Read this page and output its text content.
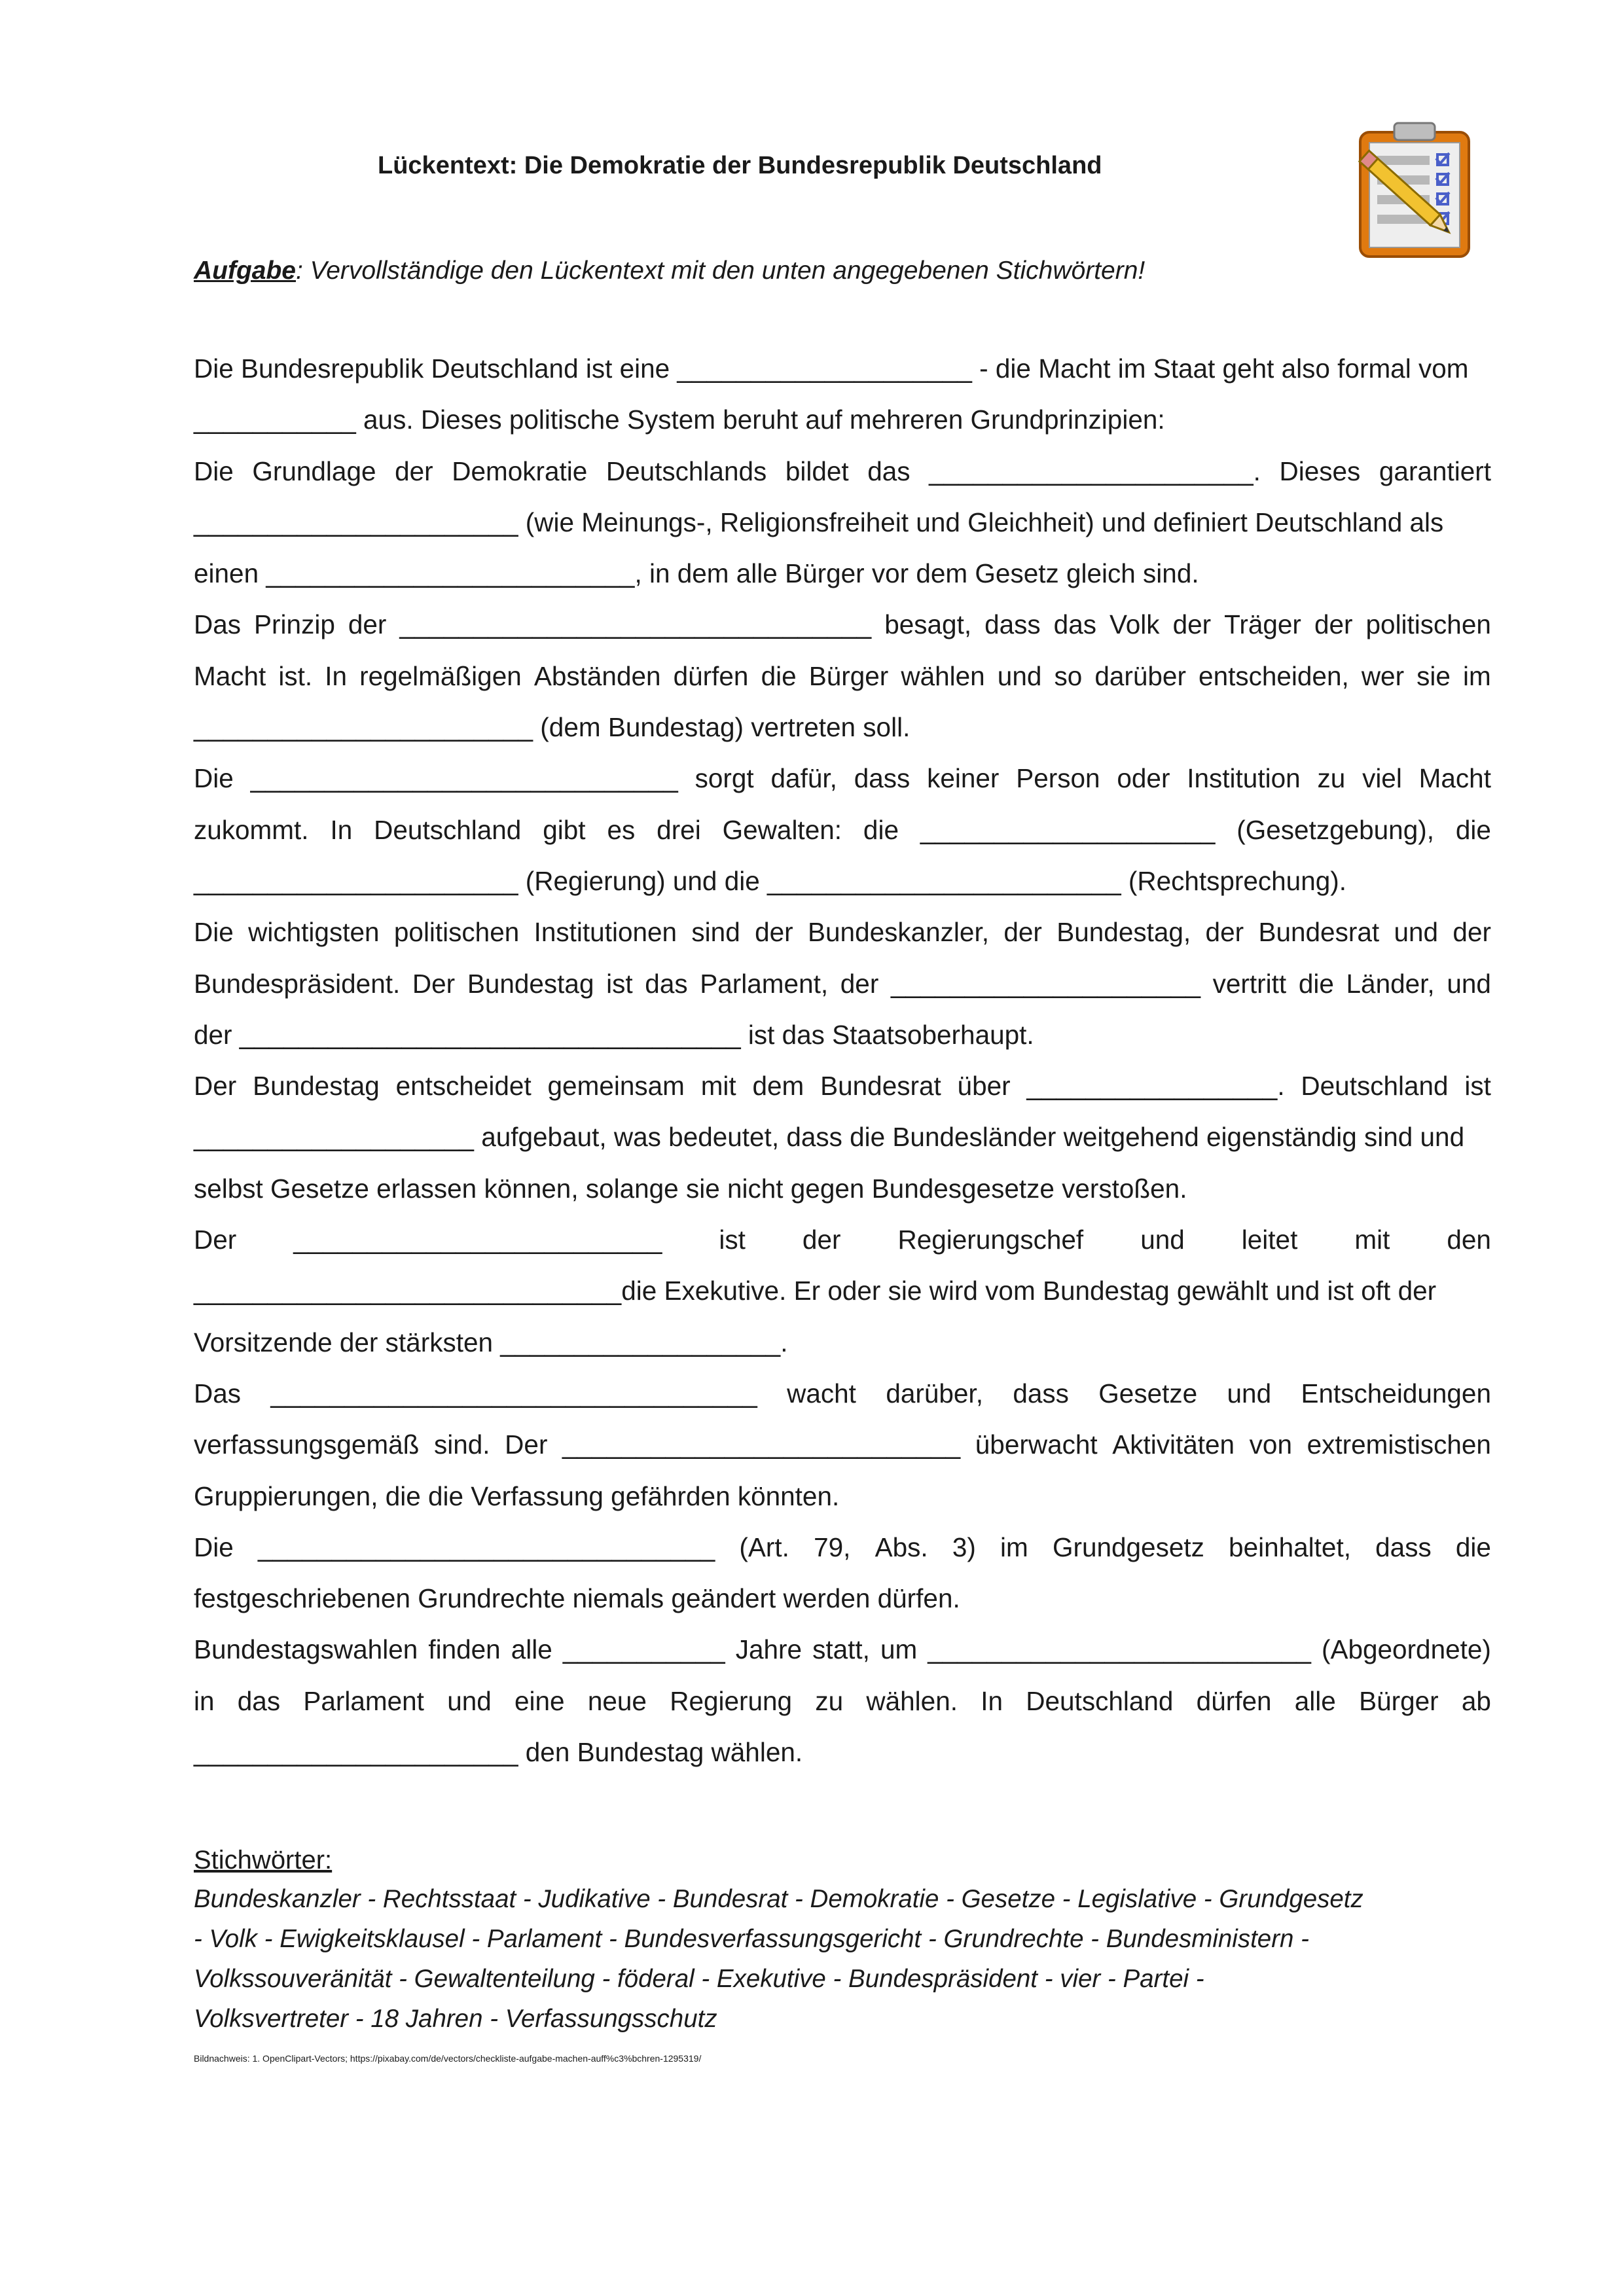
Lückentext: Die Demokratie der Bundesrepublik Deutschland
Aufgabe: Vervollständige den Lückentext mit den unten angegebenen Stichwörtern!
Die Bundesrepublik Deutschland ist eine ____________________ - die Macht im Staat geht also formal vom
___________ aus. Dieses politische System beruht auf mehreren Grundprinzipien:
Die Grundlage der Demokratie Deutschlands bildet das ______________________. Dieses garantiert
______________________ (wie Meinungs-, Religionsfreiheit und Gleichheit) und definiert Deutschland als
einen _________________________, in dem alle Bürger vor dem Gesetz gleich sind.
Das Prinzip der ________________________________ besagt, dass das Volk der Träger der politischen
Macht ist. In regelmäßigen Abständen dürfen die Bürger wählen und so darüber entscheiden, wer sie im
_______________________ (dem Bundestag) vertreten soll.
Die _____________________________ sorgt dafür, dass keiner Person oder Institution zu viel Macht
zukommt. In Deutschland gibt es drei Gewalten: die ____________________ (Gesetzgebung), die
______________________ (Regierung) und die ________________________ (Rechtsprechung).
Die wichtigsten politischen Institutionen sind der Bundeskanzler, der Bundestag, der Bundesrat und der
Bundespräsident. Der Bundestag ist das Parlament, der _____________________ vertritt die Länder, und
der __________________________________ ist das Staatsoberhaupt.
Der Bundestag entscheidet gemeinsam mit dem Bundesrat über _________________. Deutschland ist
___________________ aufgebaut, was bedeutet, dass die Bundesländer weitgehend eigenständig sind und
selbst Gesetze erlassen können, solange sie nicht gegen Bundesgesetze verstoßen.
Der _________________________ ist der Regierungschef und leitet mit den
_____________________________die Exekutive. Er oder sie wird vom Bundestag gewählt und ist oft der
Vorsitzende der stärksten ___________________.
Das _________________________________ wacht darüber, dass Gesetze und Entscheidungen
verfassungsgemäß sind. Der ___________________________ überwacht Aktivitäten von extremistischen
Gruppierungen, die die Verfassung gefährden könnten.
Die _______________________________ (Art. 79, Abs. 3) im Grundgesetz beinhaltet, dass die
festgeschriebenen Grundrechte niemals geändert werden dürfen.
Bundestagswahlen finden alle ___________ Jahre statt, um __________________________ (Abgeordnete)
in das Parlament und eine neue Regierung zu wählen. In Deutschland dürfen alle Bürger ab
______________________ den Bundestag wählen.
Stichwörter:
Bundeskanzler - Rechtsstaat - Judikative - Bundesrat - Demokratie - Gesetze - Legislative - Grundgesetz
- Volk - Ewigkeitsklausel - Parlament - Bundesverfassungsgericht - Grundrechte - Bundesministern -
Volkssouveränität - Gewaltenteilung - föderal - Exekutive - Bundespräsident - vier - Partei -
Volksvertreter - 18 Jahren - Verfassungsschutz
Bildnachweis: 1. OpenClipart-Vectors; https://pixabay.com/de/vectors/checkliste-aufgabe-machen-auff%c3%bchren-1295319/
